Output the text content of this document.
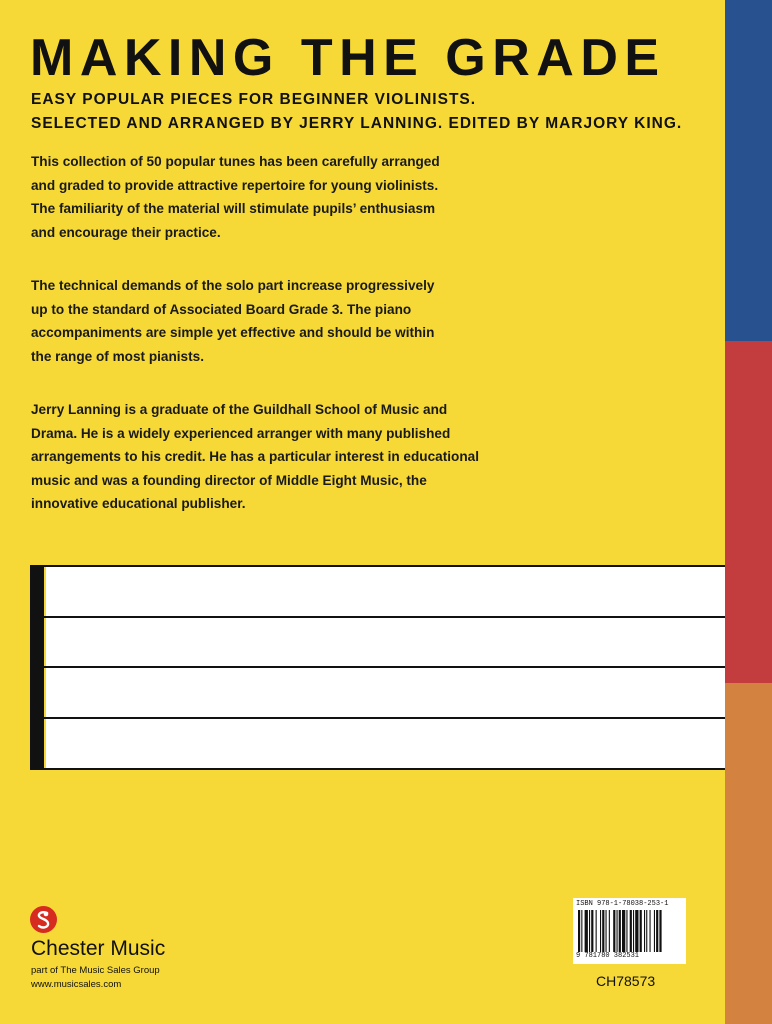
MAKING THE GRADE
EASY POPULAR PIECES FOR BEGINNER VIOLINISTS.
SELECTED AND ARRANGED BY JERRY LANNING. EDITED BY MARJORY KING.
This collection of 50 popular tunes has been carefully arranged
and graded to provide attractive repertoire for young violinists.
The familiarity of the material will stimulate pupils’ enthusiasm
and encourage their practice.
The technical demands of the solo part increase progressively
up to the standard of Associated Board Grade 3. The piano
accompaniments are simple yet effective and should be within
the range of most pianists.
Jerry Lanning is a graduate of the Guildhall School of Music and
Drama. He is a widely experienced arranger with many published
arrangements to his credit. He has a particular interest in educational
music and was a founding director of Middle Eight Music, the
innovative educational publisher.
Chester Music
part of The Music Sales Group
www.musicsales.com
ISBN 978-1-78038-253-1
9 781780 382531
CH78573
